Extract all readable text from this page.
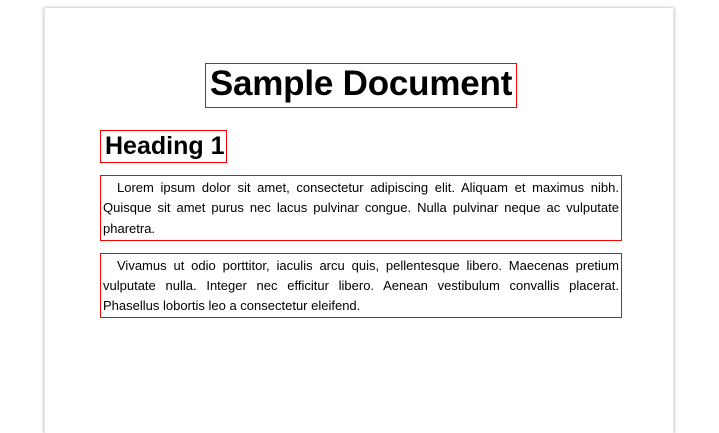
Sample Document
Heading 1

Lorem ipsum dolor sit amet, consectetur adipiscing elit. Aliquam et maximus nibh. Quisque sit amet purus nec lacus pulvinar congue. Nulla pulvinar neque ac vulputate pharetra.

Vivamus ut odio porttitor, iaculis arcu quis, pellentesque libero. Maecenas pretium vulputate nulla. Integer nec efficitur libero. Aenean vestibulum convallis placerat. Phasellus lobortis leo a consectetur eleifend.
